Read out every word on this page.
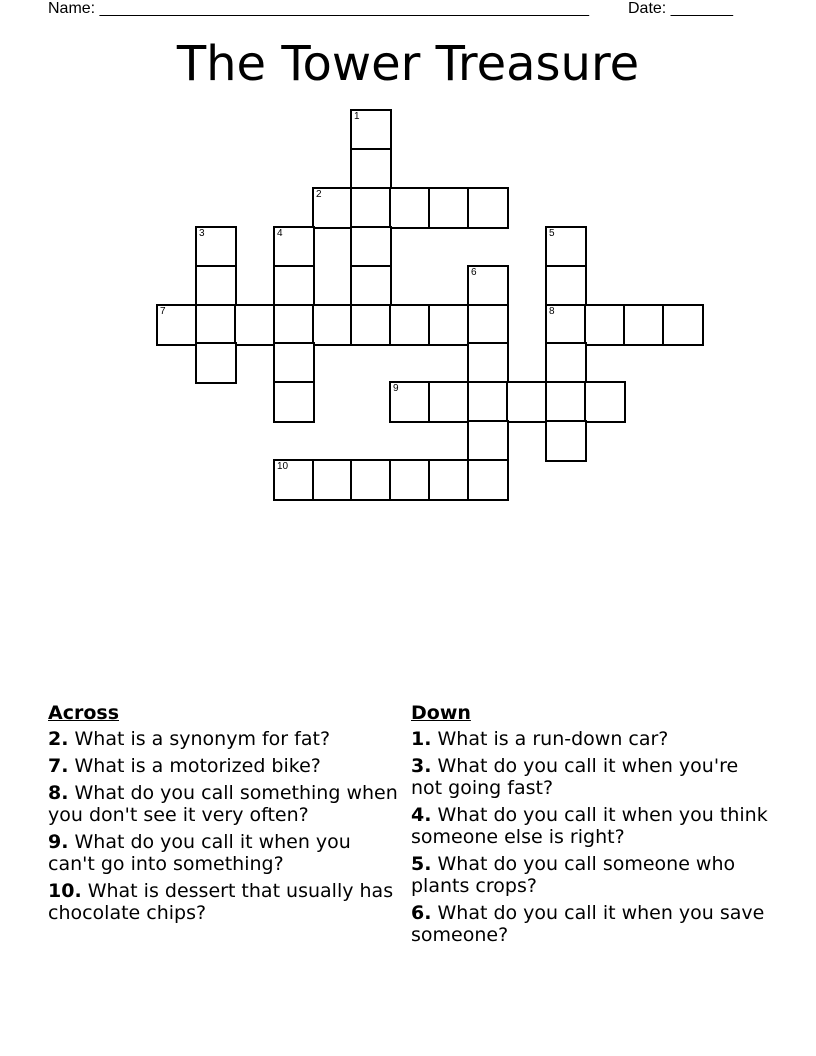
Name: _______________________________________________________ Date: _______
The Tower Treasure
1
2
3	4	5
6
7	8
9
10
Across
2. What is a synonym for fat?
7. What is a motorized bike?
8. What do you call something when you don't see it very often?
9. What do you call it when you can't go into something?
10. What is dessert that usually has chocolate chips?
Down
1. What is a run-down car?
3. What do you call it when you're not going fast?
4. What do you call it when you think someone else is right?
5. What do you call someone who plants crops?
6. What do you call it when you save someone?
